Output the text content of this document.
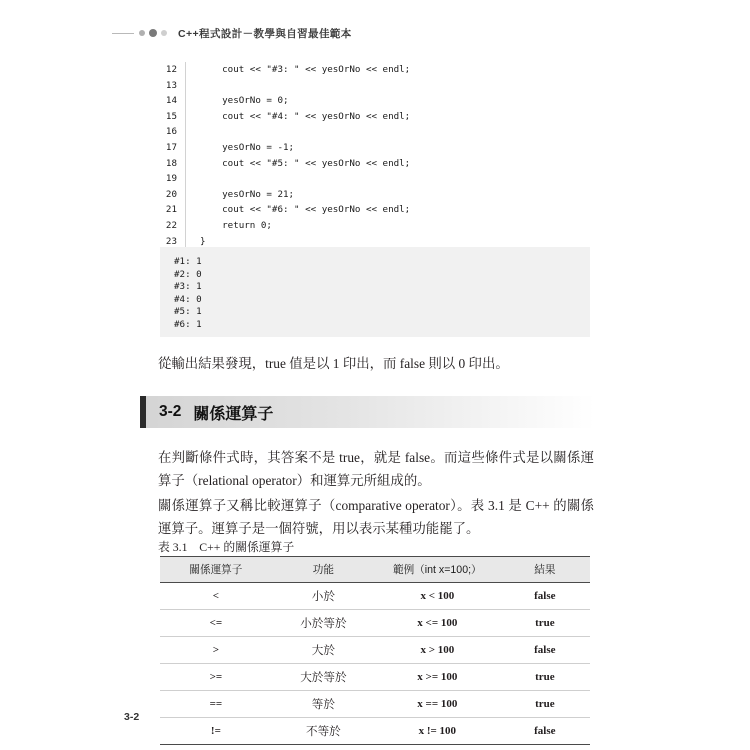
C++程式設計－教學與自習最佳範本
12	cout << "#3: " << yesOrNo << endl;
13
14	yesOrNo = 0;
15	cout << "#4: " << yesOrNo << endl;
16
17	yesOrNo = -1;
18	cout << "#5: " << yesOrNo << endl;
19
20	yesOrNo = 21;
21	cout << "#6: " << yesOrNo << endl;
22	return 0;
23	}
#1: 1
#2: 0
#3: 1
#4: 0
#5: 1
#6: 1
從輸出結果發現，true 值是以 1 印出，而 false 則以 0 印出。
3-2 關係運算子
在判斷條件式時，其答案不是 true，就是 false。而這些條件式是以關係運算子（relational operator）和運算元所組成的。
關係運算子又稱比較運算子（comparative operator）。表 3.1 是 C++ 的關係運算子。運算子是一個符號，用以表示某種功能罷了。
表 3.1　C++ 的關係運算子
關係運算子	功能	範例（int x=100;）	結果
<	小於	x < 100	false
<=	小於等於	x <= 100	true
>	大於	x > 100	false
>=	大於等於	x >= 100	true
==	等於	x == 100	true
!=	不等於	x != 100	false
3-2
